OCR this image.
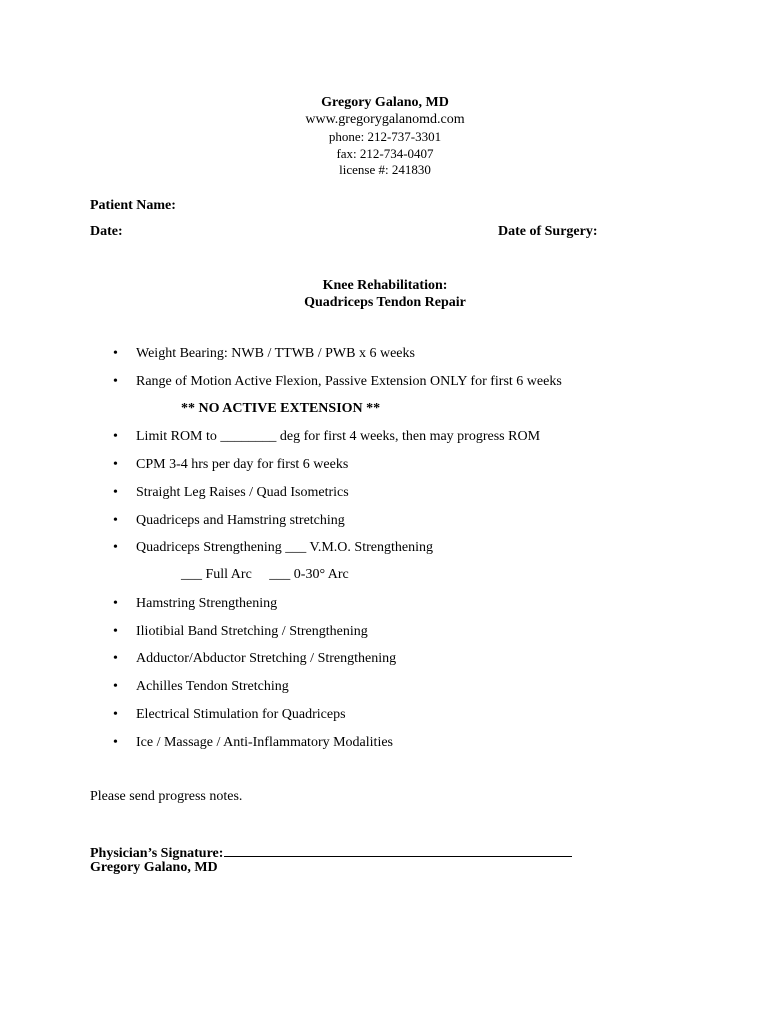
Gregory Galano, MD
www.gregorygalanomd.com
phone: 212-737-3301
fax: 212-734-0407
license #: 241830
Patient Name:
Date:	Date of Surgery:
Knee Rehabilitation:
Quadriceps Tendon Repair
• Weight Bearing: NWB / TTWB / PWB x 6 weeks
• Range of Motion Active Flexion, Passive Extension ONLY for first 6 weeks
** NO ACTIVE EXTENSION **
• Limit ROM to ________ deg for first 4 weeks, then may progress ROM
• CPM 3-4 hrs per day for first 6 weeks
• Straight Leg Raises / Quad Isometrics
• Quadriceps and Hamstring stretching
• Quadriceps Strengthening ___ V.M.O. Strengthening
___ Full Arc     ___ 0-30° Arc
• Hamstring Strengthening
• Iliotibial Band Stretching / Strengthening
• Adductor/Abductor Stretching / Strengthening
• Achilles Tendon Stretching
• Electrical Stimulation for Quadriceps
• Ice / Massage / Anti-Inflammatory Modalities
Please send progress notes.
Physician’s Signature:
Gregory Galano, MD
